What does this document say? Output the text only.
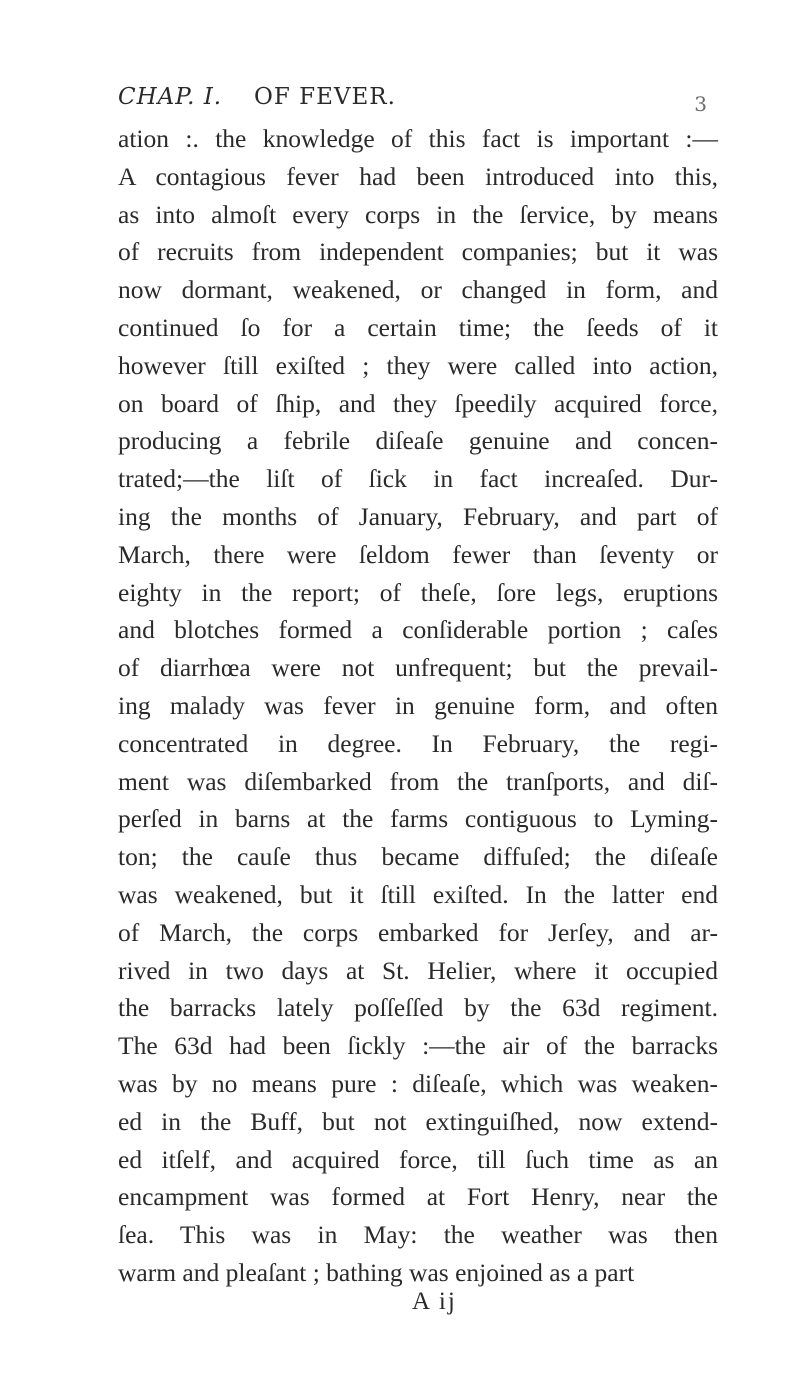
CHAP. I. OF FEVER.	3
ation :. the knowledge of this fact is important :—
A contagious fever had been introduced into this,
as into almoſt every corps in the ſervice, by means
of recruits from independent companies; but it was
now dormant, weakened, or changed in form, and
continued ſo for a certain time; the ſeeds of it
however ſtill exiſted ; they were called into action,
on board of ſhip, and they ſpeedily acquired force,
producing a febrile diſeaſe genuine and concen-
trated;—the liſt of ſick in fact increaſed. Dur-
ing the months of January, February, and part of
March, there were ſeldom fewer than ſeventy or
eighty in the report; of theſe, ſore legs, eruptions
and blotches formed a conſiderable portion ; caſes
of diarrhœa were not unfrequent; but the prevail-
ing malady was fever in genuine form, and often
concentrated in degree. In February, the regi-
ment was diſembarked from the tranſports, and diſ-
perſed in barns at the farms contiguous to Lyming-
ton; the cauſe thus became diffuſed; the diſeaſe
was weakened, but it ſtill exiſted. In the latter end
of March, the corps embarked for Jerſey, and ar-
rived in two days at St. Helier, where it occupied
the barracks lately poſſeſſed by the 63d regiment.
The 63d had been ſickly :—the air of the barracks
was by no means pure : diſeaſe, which was weaken-
ed in the Buff, but not extinguiſhed, now extend-
ed itſelf, and acquired force, till ſuch time as an
encampment was formed at Fort Henry, near the
ſea. This was in May: the weather was then
warm and pleaſant ; bathing was enjoined as a part
A ij
